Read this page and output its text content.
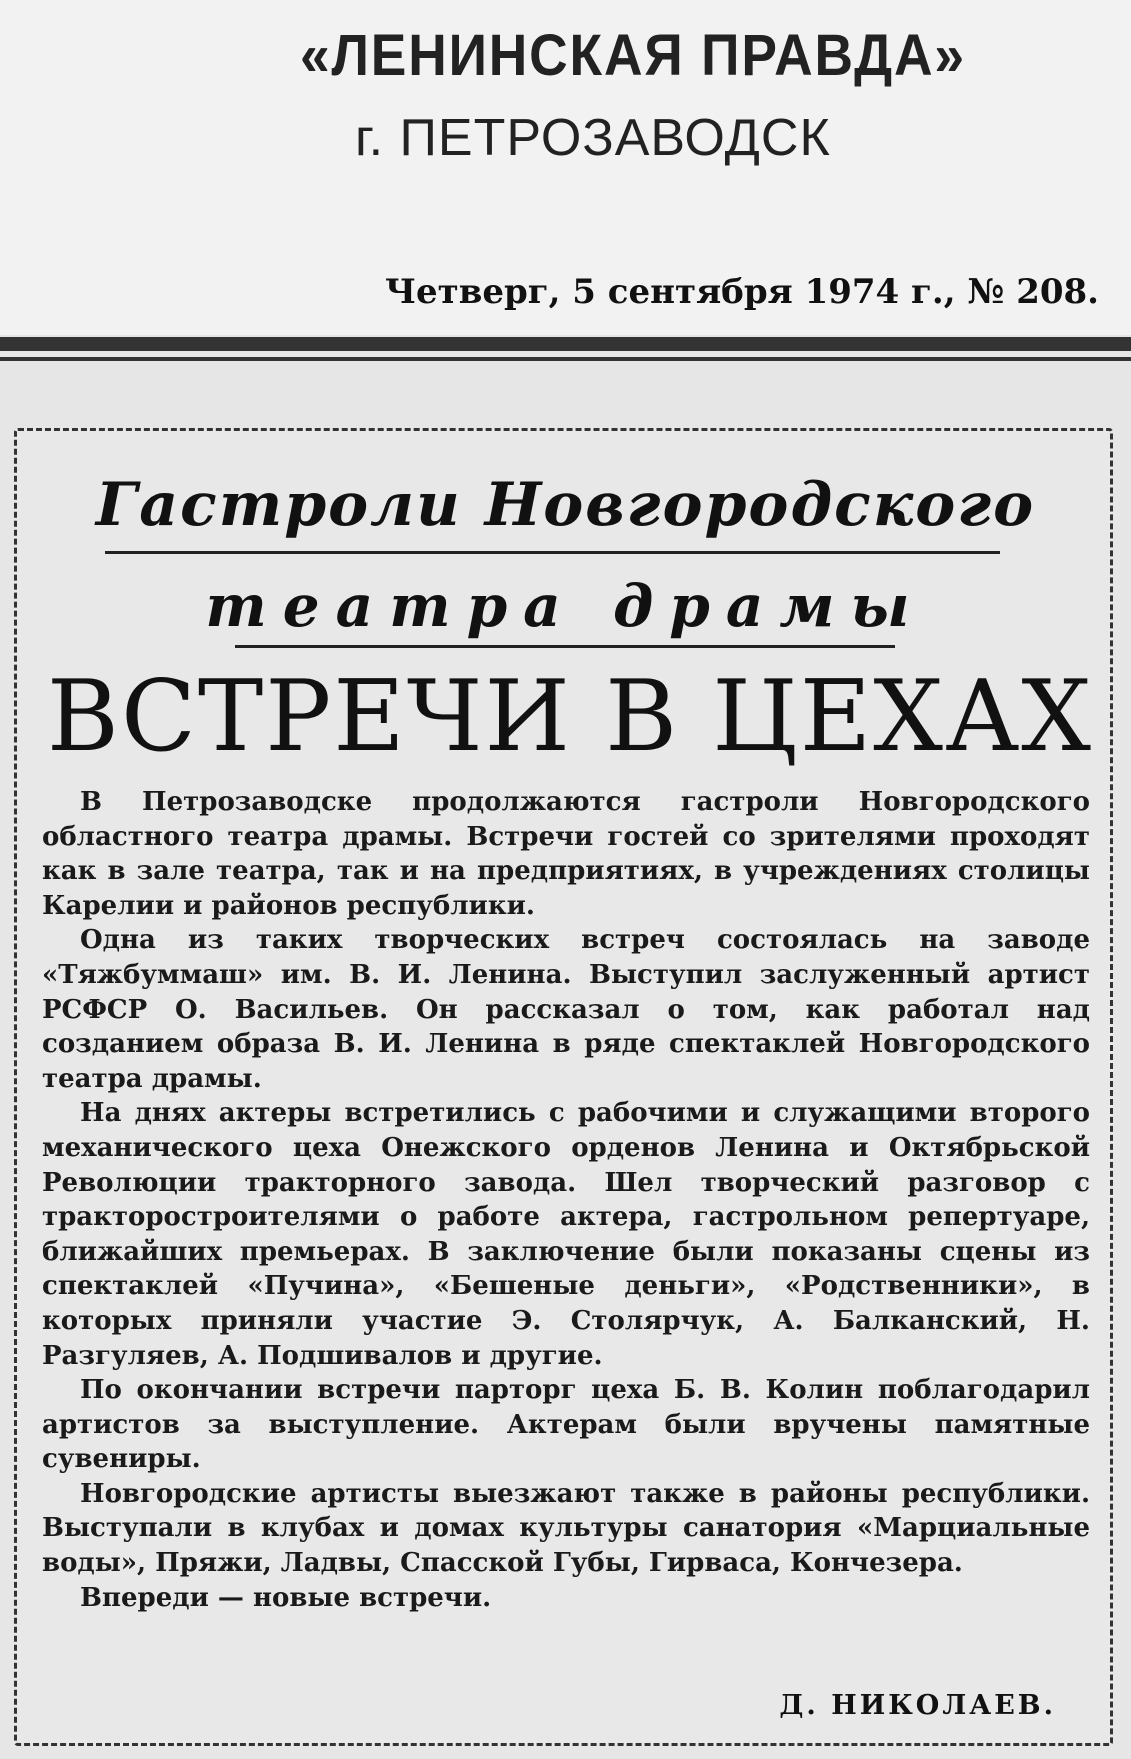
«ЛЕНИНСКАЯ ПРАВДА»
г. ПЕТРОЗАВОДСК
Четверг, 5 сентября 1974 г., № 208.
Гастроли Новгородского
театра драмы
ВСТРЕЧИ В ЦЕХАХ

В Петрозаводске продолжаются гастроли Новгородского областного театра драмы. Встречи гостей со зрителями проходят как в зале театра, так и на предприятиях, в учреждениях столицы Карелии и районов республики.

Одна из таких творческих встреч состоялась на заводе «Тяжбуммаш» им. В. И. Ленина. Выступил заслуженный артист РСФСР О. Васильев. Он рассказал о том, как работал над созданием образа В. И. Ленина в ряде спектаклей Новгородского театра драмы.

На днях актеры встретились с рабочими и служащими второго механического цеха Онежского орденов Ленина и Октябрьской Революции тракторного завода. Шел творческий разговор с тракторостроителями о работе актера, гастрольном репертуаре, ближайших премьерах. В заключение были показаны сцены из спектаклей «Пучина», «Бешеные деньги», «Родственники», в которых приняли участие Э. Столярчук, А. Балканский, Н. Разгуляев, А. Подшивалов и другие.

По окончании встречи парторг цеха Б. В. Колин поблагодарил артистов за выступление. Актерам были вручены памятные сувениры.

Новгородские артисты выезжают также в районы республики. Выступали в клубах и домах культуры санатория «Марциальные воды», Пряжи, Ладвы, Спасской Губы, Гирваса, Кончезера.

Впереди — новые встречи.

Д. НИКОЛАЕВ.
